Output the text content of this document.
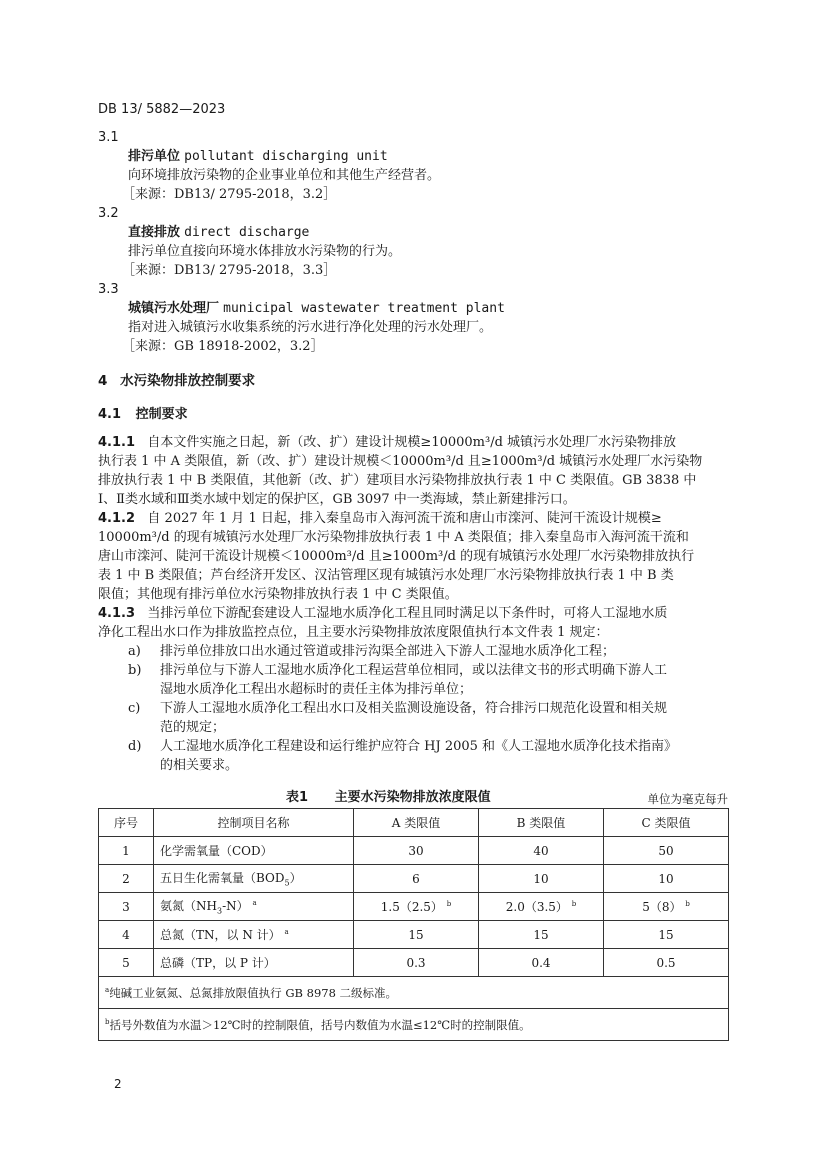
DB 13/ 5882—2023
3.1
排污单位 pollutant discharging unit
向环境排放污染物的企业事业单位和其他生产经营者。
［来源：DB13/ 2795-2018，3.2］
3.2
直接排放 direct discharge
排污单位直接向环境水体排放水污染物的行为。
［来源：DB13/ 2795-2018，3.3］
3.3
城镇污水处理厂 municipal wastewater treatment plant
指对进入城镇污水收集系统的污水进行净化处理的污水处理厂。
［来源：GB 18918-2002，3.2］
4 水污染物排放控制要求
4.1 控制要求
4.1.1 自本文件实施之日起，新（改、扩）建设计规模≥10000m³/d 城镇污水处理厂水污染物排放
执行表 1 中 A 类限值，新（改、扩）建设计规模＜10000m³/d 且≥1000m³/d 城镇污水处理厂水污染物
排放执行表 1 中 B 类限值，其他新（改、扩）建项目水污染物排放执行表 1 中 C 类限值。GB 3838 中
Ⅰ、Ⅱ类水域和Ⅲ类水域中划定的保护区，GB 3097 中一类海域，禁止新建排污口。
4.1.2 自 2027 年 1 月 1 日起，排入秦皇岛市入海河流干流和唐山市滦河、陡河干流设计规模≥
10000m³/d 的现有城镇污水处理厂水污染物排放执行表 1 中 A 类限值；排入秦皇岛市入海河流干流和
唐山市滦河、陡河干流设计规模＜10000m³/d 且≥1000m³/d 的现有城镇污水处理厂水污染物排放执行
表 1 中 B 类限值；芦台经济开发区、汉沽管理区现有城镇污水处理厂水污染物排放执行表 1 中 B 类
限值；其他现有排污单位水污染物排放执行表 1 中 C 类限值。
4.1.3 当排污单位下游配套建设人工湿地水质净化工程且同时满足以下条件时，可将人工湿地水质
净化工程出水口作为排放监控点位，且主要水污染物排放浓度限值执行本文件表 1 规定：
a) 排污单位排放口出水通过管道或排污沟渠全部进入下游人工湿地水质净化工程；
b) 排污单位与下游人工湿地水质净化工程运营单位相同，或以法律文书的形式明确下游人工
湿地水质净化工程出水超标时的责任主体为排污单位；
c) 下游人工湿地水质净化工程出水口及相关监测设施设备，符合排污口规范化设置和相关规
范的规定；
d) 人工湿地水质净化工程建设和运行维护应符合 HJ 2005 和《人工湿地水质净化技术指南》
的相关要求。
表1 主要水污染物排放浓度限值	单位为毫克每升
序号	控制项目名称	A 类限值	B 类限值	C 类限值
1	化学需氧量（COD）	30	40	50
2	五日生化需氧量$(BOD_5)$	6	10	10
3	氨氮$(NH_3-N)$ $^a$	1.5（2.5） $^b$	2.0（3.5） $^b$	5（8） $^b$
4	总氮（TN，以 N 计） $^a$	15	15	15
5	总磷（TP，以 P 计）	0.3	0.4	0.5
$^a$纯碱工业氨氮、总氮排放限值执行 GB 8978 二级标准。				
$^b$括号外数值为水温＞12℃时的控制限值，括号内数值为水温≤12℃时的控制限值。				
2
